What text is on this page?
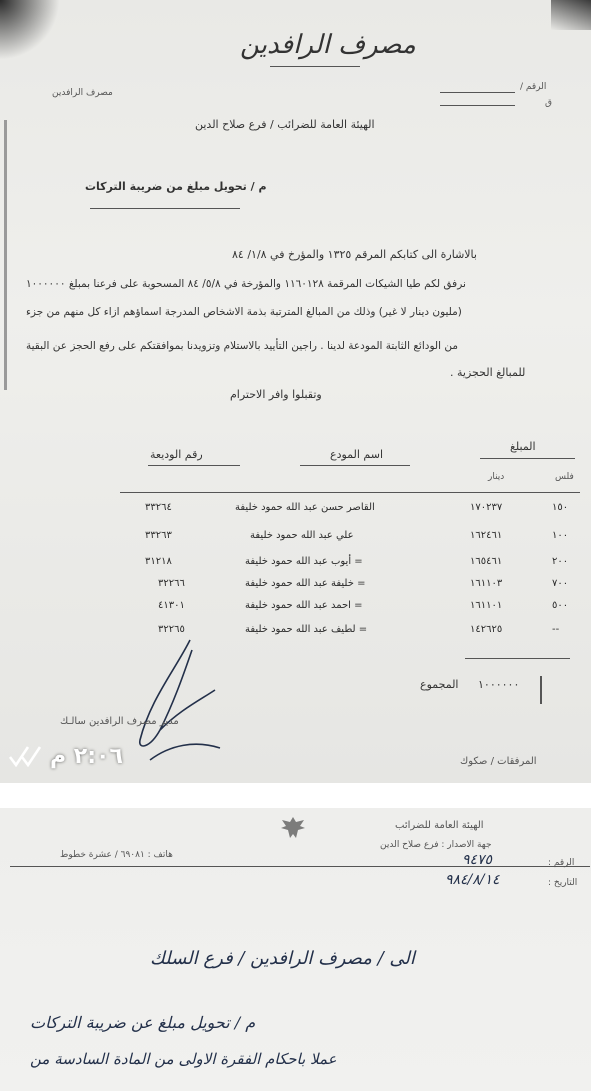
مصرف الرافدين
مصرف الرافدين
الرقم /
ق
الهيئة العامة للضرائب / فرع صلاح الدين
م / تحويل مبلغ من ضريبة التركات
بالاشارة الى كتابكم المرقم ١٣٢٥ والمؤرخ في ١/٨/ ٨٤
نرفق لكم طيا الشيكات المرقمة ١١٦٠١٢٨ والمؤرخة في ٥/٨/ ٨٤ المسحوبة على فرعنا بمبلغ ١٠٠٠٠٠٠
(مليون دينار لا غير) وذلك من المبالغ المترتبة بذمة الاشخاص المدرجة اسماؤهم ازاء كل منهم من جزء
من الودائع الثابتة المودعة لدينا . راجين التأييد بالاستلام وتزويدنا بموافقتكم على رفع الحجز عن البقية
للمبالغ الحجزية .
وتقبلوا وافر الاحترام
المبلغ
فلس
دينار
اسم المودع
رقم الوديعة
١٥٠
١٧٠٢٣٧
القاصر حسن عبد الله حمود خليفة
٣٣٢٦٤
١٠٠
١٦٢٤٦١
علي عبد الله حمود خليفة
٣٣٢٦٣
٢٠٠
١٦٥٤٦١
= أيوب عبد الله حمود خليفة
٣١٢١٨
٧٠٠
١٦١١٠٣
= خليفة عبد الله حمود خليفة
٣٢٢٦٦
٥٠٠
١٦١١٠١
= احمد عبد الله حمود خليفة
٤١٣٠١
--
١٤٢٦٢٥
= لطيف عبد الله حمود خليفة
٣٢٢٦٥
المجموع ١٠٠٠٠٠٠
مدير مصرف الرافدين سالـك
المرفقات / صكوك
٢:٠٦ م
الهيئة العامة للضرائب
جهة الاصدار : فرع صلاح الدين
هاتف : ٦٩٠٨١ / عشرة خطوط
الرقم :
٩٤٧٥
التاريخ :
٩٨٤/٨/١٤
الى / مصرف الرافدين / فرع السلك
م / تحويل مبلغ عن ضريبة التركات
عملا باحكام الفقرة الاولى من المادة السادسة من
